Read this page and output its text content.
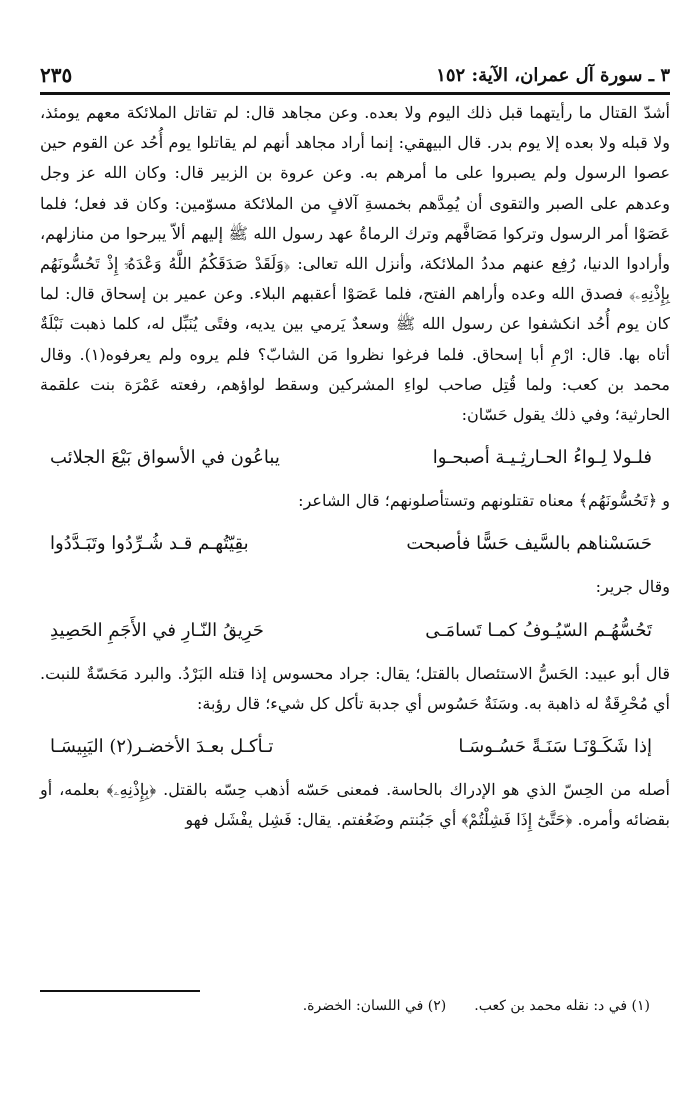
٣ ـ سورة آل عمران، الآية: ١٥٢
٢٣٥

أشدّ القتال ما رأيتهما قبل ذلك اليوم ولا بعده. وعن مجاهد قال: لم تقاتل الملائكة معهم يومئذ، ولا قبله ولا بعده إلا يوم بدر. قال البيهقي: إنما أراد مجاهد أنهم لم يقاتلوا يوم أُحُد عن القوم حين عصوا الرسول ولم يصبروا على ما أمرهم به. وعن عروة بن الزبير قال: وكان الله عز وجل وعدهم على الصبر والتقوى أن يُمِدَّهم بخمسةِ آلافٍ من الملائكة مسوّمين: وكان قد فعل؛ فلما عَصَوْا أمر الرسول وتركوا مَصَافَّهم وترك الرماةُ عهد رسول الله ﷺ إليهم ألاّ يبرحوا من منازلهم، وأرادوا الدنيا، رُفِع عنهم مددُ الملائكة، وأنزل الله تعالى: ﴿وَلَقَدْ صَدَقَكُمُ اللَّهُ وَعْدَهُۥٓ إِذْ تَحُسُّونَهُم بِإِذْنِهِۦ﴾ فصدق الله وعده وأراهم الفتح، فلما عَصَوْا أعقبهم البلاء. وعن عمير بن إسحاق قال: لما كان يوم أُحُد انكشفوا عن رسول الله ﷺ وسعدٌ يَرمي بين يديه، وفتًى يُنَبِّل له، كلما ذهبت نَبْلَةٌ أتاه بها. قال: ارْمِ أبا إسحاق. فلما فرغوا نظروا مَن الشابّ؟ فلم يروه ولم يعرفوه(١). وقال محمد بن كعب: ولما قُتِل صاحب لواءِ المشركين وسقط لواؤهم، رفعته عَمْرَة بنت علقمة الحارثية؛ وفي ذلك يقول حَسّان:

فلـولا لِـواءُ الحـارثِـيـة أصبحـوا
يباعُون في الأسواق بَيْعَ الجلائب

و ﴿تَحُسُّونَهُم﴾ معناه تقتلونهم وتستأصلونهم؛ قال الشاعر:

حَسَسْناهم بالسَّيف حَسًّا فأصبحت
بقِيّتُهـم قـد شُـرِّدُوا وتَبَـدَّدُوا

وقال جرير:

تَحُسُّهُـم السّيُـوفُ كمـا تَسامَـى
حَرِيقُ النّـارِ في الأَجَمِ الحَصِيدِ

قال أبو عبيد: الحَسُّ الاستئصال بالقتل؛ يقال: جراد محسوس إذا قتله البَرْدُ. والبرد مَحَسّةٌ للنبت. أي مُحْرِقَةٌ له ذاهبة به. وسَنَةٌ حَسُوس أي جدبة تأكل كل شيء؛ قال رؤبة:

إذا شَكَـوْنَـا سَنَـةً حَسُـوسَـا
تـأكـل بعـدَ الأخضـر(٢) اليَبِيسَـا

أصله من الحِسّ الذي هو الإدراك بالحاسة. فمعنى حَسّه أذهب حِسّه بالقتل. ﴿بِإِذْنِهِۦ﴾ بعلمه، أو بقضائه وأمره. ﴿حَتَّىٰٓ إِذَا فَشِلْتُمْ﴾ أي جَبُنتم وضَعُفتم. يقال: فَشِل يفْشَل فهو

(١) في د: نقله محمد بن كعب.
(٢) في اللسان: الخضرة.
